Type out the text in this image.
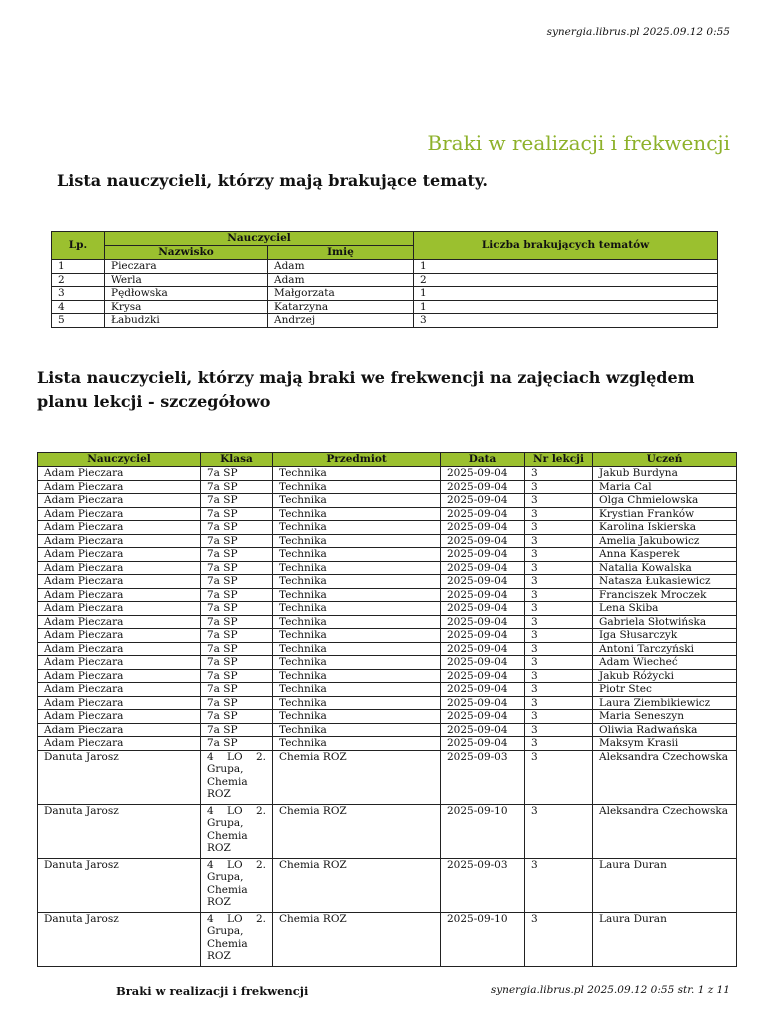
synergia.librus.pl 2025.09.12 0:55
Braki w realizacji i frekwencji
Lista nauczycieli, którzy mają brakujące tematy.
Lp.	Nauczyciel		Liczba brakujących tematów
	Nazwisko	Imię	
1	Pieczara	Adam	1
2	Werla	Adam	2
3	Pędłowska	Małgorzata	1
4	Krysa	Katarzyna	1
5	Łabudzki	Andrzej	3
Lista nauczycieli, którzy mają braki we frekwencji na zajęciach względem planu lekcji - szczegółowo
Nauczyciel	Klasa	Przedmiot	Data	Nr lekcji	Uczeń
Adam Pieczara	7a SP	Technika	2025-09-04	3	Jakub Burdyna
Adam Pieczara	7a SP	Technika	2025-09-04	3	Maria Cal
Adam Pieczara	7a SP	Technika	2025-09-04	3	Olga Chmielowska
Adam Pieczara	7a SP	Technika	2025-09-04	3	Krystian Franków
Adam Pieczara	7a SP	Technika	2025-09-04	3	Karolina Iskierska
Adam Pieczara	7a SP	Technika	2025-09-04	3	Amelia Jakubowicz
Adam Pieczara	7a SP	Technika	2025-09-04	3	Anna Kasperek
Adam Pieczara	7a SP	Technika	2025-09-04	3	Natalia Kowalska
Adam Pieczara	7a SP	Technika	2025-09-04	3	Natasza Łukasiewicz
Adam Pieczara	7a SP	Technika	2025-09-04	3	Franciszek Mroczek
Adam Pieczara	7a SP	Technika	2025-09-04	3	Lena Skiba
Adam Pieczara	7a SP	Technika	2025-09-04	3	Gabriela Słotwińska
Adam Pieczara	7a SP	Technika	2025-09-04	3	Iga Słusarczyk
Adam Pieczara	7a SP	Technika	2025-09-04	3	Antoni Tarczyński
Adam Pieczara	7a SP	Technika	2025-09-04	3	Adam Wiecheć
Adam Pieczara	7a SP	Technika	2025-09-04	3	Jakub Różycki
Adam Pieczara	7a SP	Technika	2025-09-04	3	Piotr Stec
Adam Pieczara	7a SP	Technika	2025-09-04	3	Laura Ziembikiewicz
Adam Pieczara	7a SP	Technika	2025-09-04	3	Maria Seneszyn
Adam Pieczara	7a SP	Technika	2025-09-04	3	Oliwia Radwańska
Adam Pieczara	7a SP	Technika	2025-09-04	3	Maksym Krasii
Danuta Jarosz	4 LO 2. Grupa, Chemia ROZ	Chemia ROZ	2025-09-03	3	Aleksandra Czechowska
Danuta Jarosz	4 LO 2. Grupa, Chemia ROZ	Chemia ROZ	2025-09-10	3	Aleksandra Czechowska
Danuta Jarosz	4 LO 2. Grupa, Chemia ROZ	Chemia ROZ	2025-09-03	3	Laura Duran
Danuta Jarosz	4 LO 2. Grupa, Chemia ROZ	Chemia ROZ	2025-09-10	3	Laura Duran
Braki w realizacji i frekwencji	synergia.librus.pl 2025.09.12 0:55 str. 1 z 11
